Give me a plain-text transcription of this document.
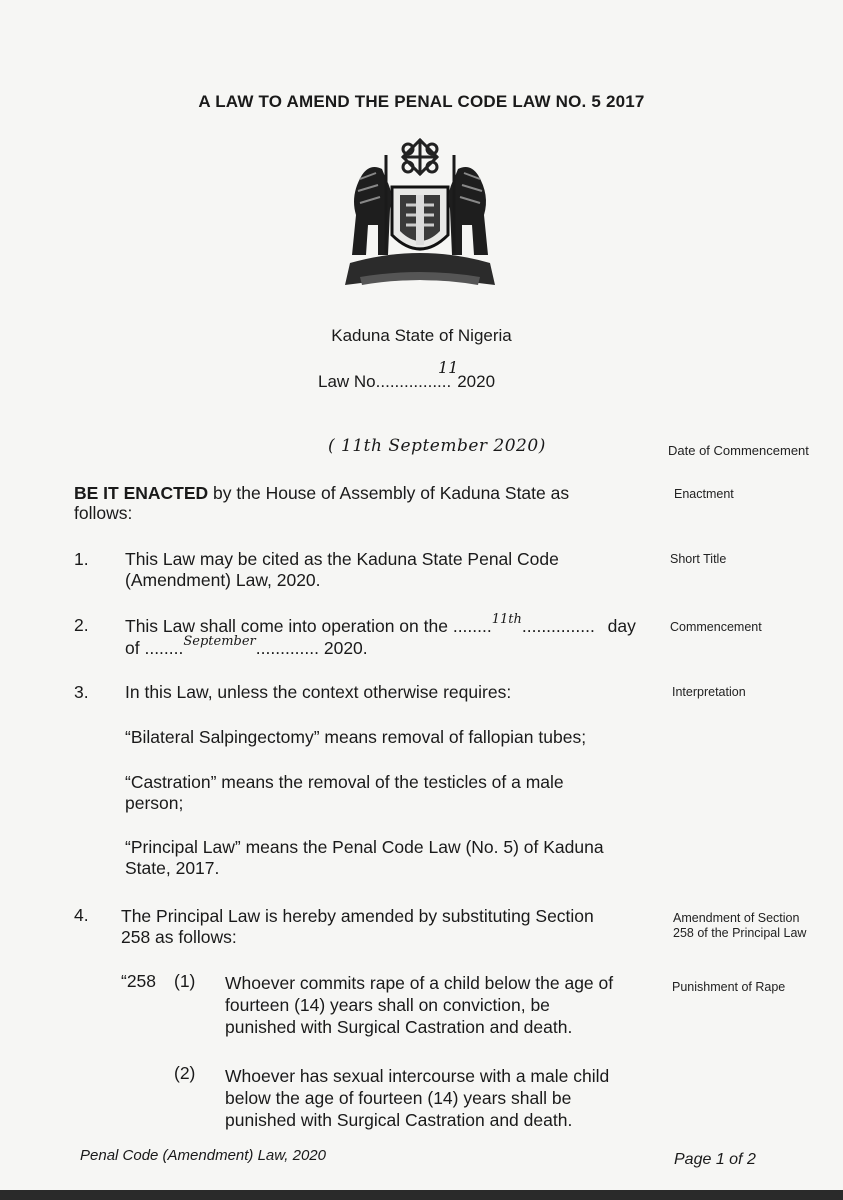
A LAW TO AMEND THE PENAL CODE LAW NO. 5 2017
Kaduna State of Nigeria
Law No................
11
2020
( 11th September 2020)	Date of Commencement
Enactment
Short Title
Commencement
Interpretation
Amendment of Section
258 of the Principal Law
Punishment of Rape
BE IT ENACTED by the House of Assembly of Kaduna State as
follows:
1. This Law may be cited as the Kaduna State Penal Code
(Amendment) Law, 2020.
2. This Law shall come into operation on the ........$^{11th}$............... day
of ........$^{September}$............. 2020.
3. In this Law, unless the context otherwise requires:
“Bilateral Salpingectomy” means removal of fallopian tubes;
“Castration” means the removal of the testicles of a male
person;
“Principal Law” means the Penal Code Law (No. 5) of Kaduna
State, 2017.
4. The Principal Law is hereby amended by substituting Section
258 as follows:
“258 (1) Whoever commits rape of a child below the age of
fourteen (14) years shall on conviction, be
punished with Surgical Castration and death.
(2) Whoever has sexual intercourse with a male child
below the age of fourteen (14) years shall be
punished with Surgical Castration and death.
Penal Code (Amendment) Law, 2020	Page 1 of 2
